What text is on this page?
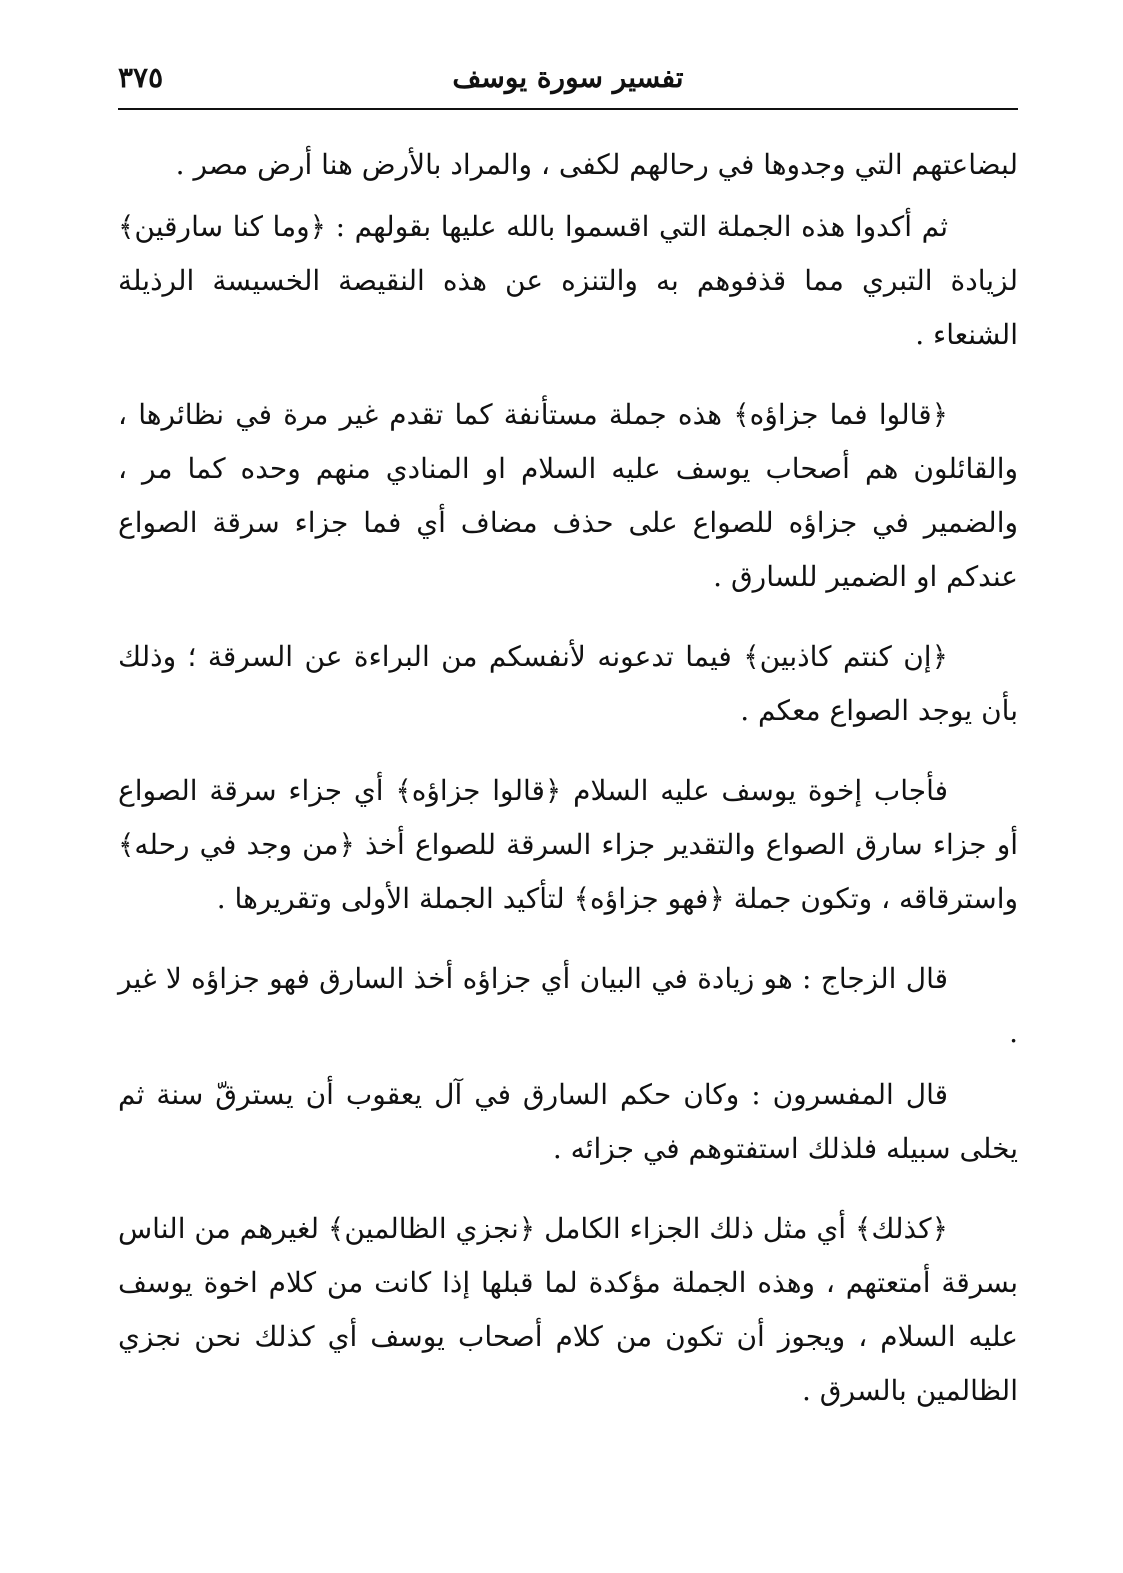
تفسير سورة يوسف
٣٧٥

لبضاعتهم التي وجدوها في رحالهم لكفى ، والمراد بالأرض هنا أرض مصر .

ثم أكدوا هذه الجملة التي اقسموا بالله عليها بقولهم : ﴿وما كنا سارقين﴾ لزيادة التبري مما قذفوهم به والتنزه عن هذه النقيصة الخسيسة الرذيلة الشنعاء .

﴿قالوا فما جزاؤه﴾ هذه جملة مستأنفة كما تقدم غير مرة في نظائرها ، والقائلون هم أصحاب يوسف عليه السلام او المنادي منهم وحده كما مر ، والضمير في جزاؤه للصواع على حذف مضاف أي فما جزاء سرقة الصواع عندكم او الضمير للسارق .

﴿إن كنتم كاذبين﴾ فيما تدعونه لأنفسكم من البراءة عن السرقة ؛ وذلك بأن يوجد الصواع معكم .

فأجاب إخوة يوسف عليه السلام ﴿قالوا جزاؤه﴾ أي جزاء سرقة الصواع أو جزاء سارق الصواع والتقدير جزاء السرقة للصواع أخذ ﴿من وجد في رحله﴾ واسترقاقه ، وتكون جملة ﴿فهو جزاؤه﴾ لتأكيد الجملة الأولى وتقريرها .

قال الزجاج : هو زيادة في البيان أي جزاؤه أخذ السارق فهو جزاؤه لا غير .

قال المفسرون : وكان حكم السارق في آل يعقوب أن يسترقّ سنة ثم يخلى سبيله فلذلك استفتوهم في جزائه .

﴿كذلك﴾ أي مثل ذلك الجزاء الكامل ﴿نجزي الظالمين﴾ لغيرهم من الناس بسرقة أمتعتهم ، وهذه الجملة مؤكدة لما قبلها إذا كانت من كلام اخوة يوسف عليه السلام ، ويجوز أن تكون من كلام أصحاب يوسف أي كذلك نحن نجزي الظالمين بالسرق .
